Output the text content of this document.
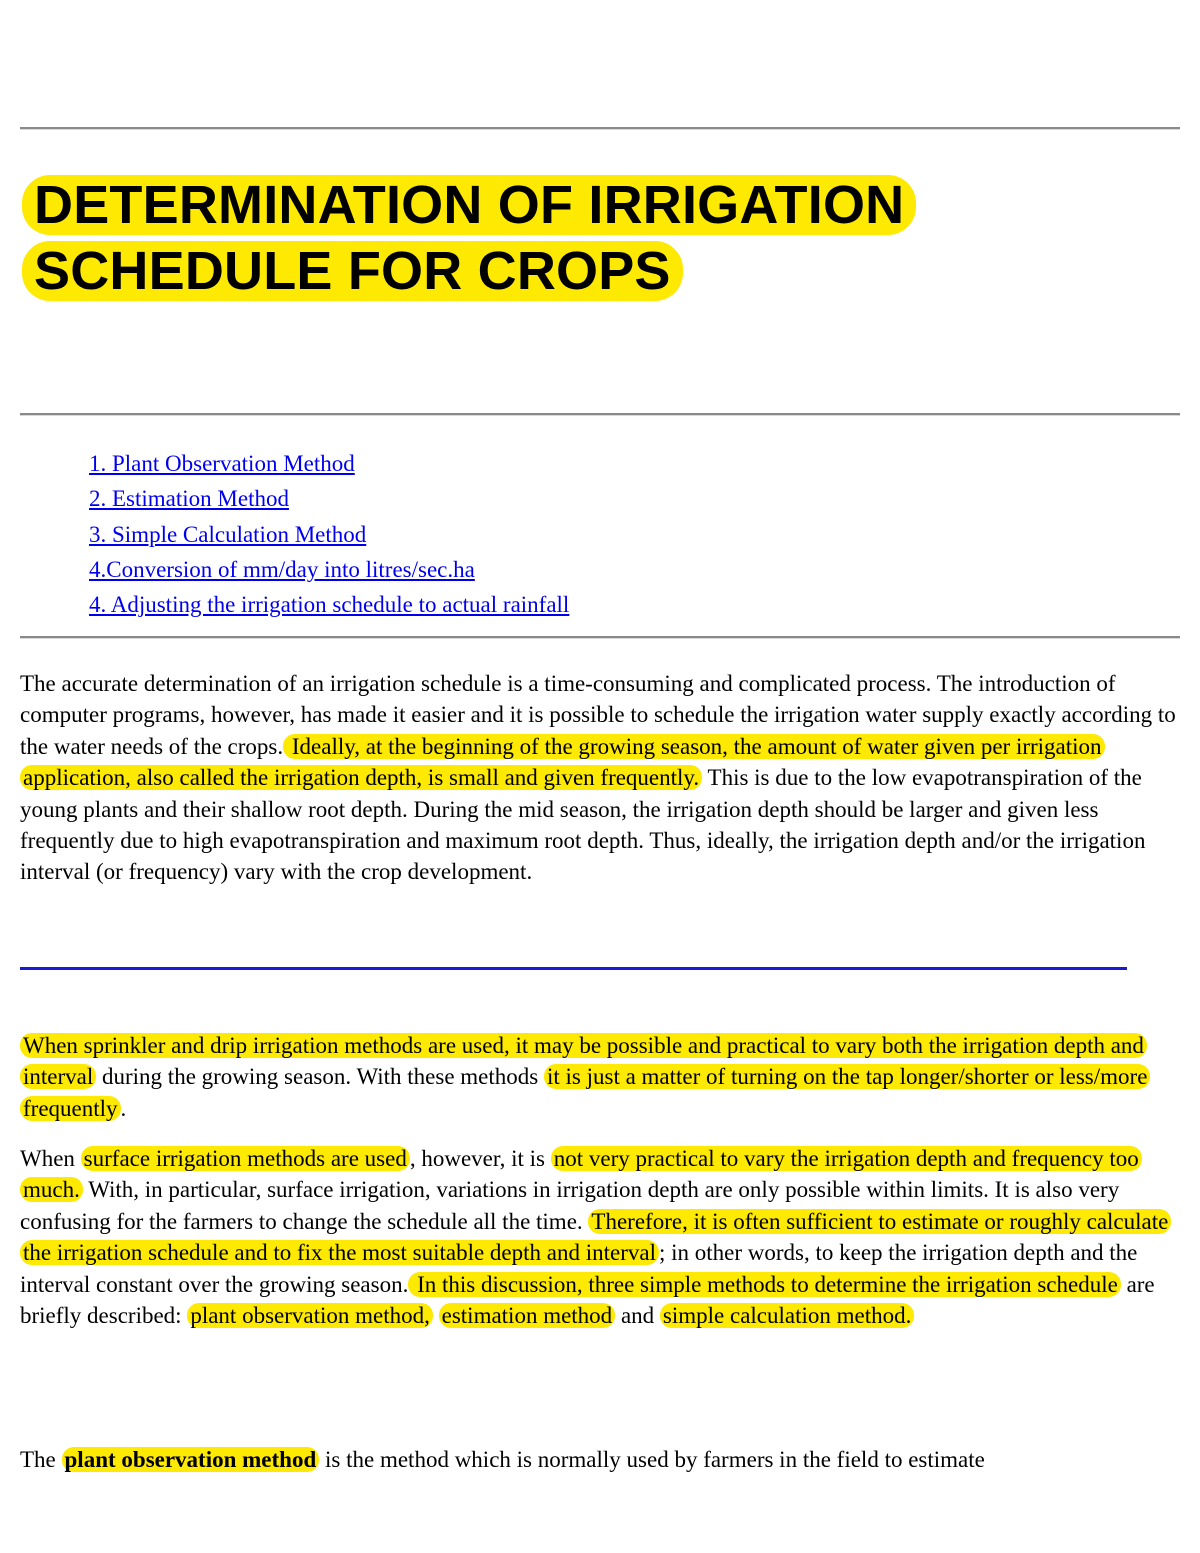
DETERMINATION OF IRRIGATION
SCHEDULE FOR CROPS
1. Plant Observation Method
2. Estimation Method
3. Simple Calculation Method
4.Conversion of mm/day into litres/sec.ha
4. Adjusting the irrigation schedule to actual rainfall

The accurate determination of an irrigation schedule is a time-consuming and complicated process. The introduction of computer programs, however, has made it easier and it is possible to schedule the irrigation water supply exactly according to the water needs of the crops. Ideally, at the beginning of the growing season, the amount of water given per irrigation application, also called the irrigation depth, is small and given frequently. This is due to the low evapotranspiration of the young plants and their shallow root depth. During the mid season, the irrigation depth should be larger and given less frequently due to high evapotranspiration and maximum root depth. Thus, ideally, the irrigation depth and/or the irrigation interval (or frequency) vary with the crop development.

When sprinkler and drip irrigation methods are used, it may be possible and practical to vary both the irrigation depth and interval during the growing season. With these methods it is just a matter of turning on the tap longer/shorter or less/more frequently .

When surface irrigation methods are used , however, it is not very practical to vary the irrigation depth and frequency too much. With, in particular, surface irrigation, variations in irrigation depth are only possible within limits. It is also very confusing for the farmers to change the schedule all the time. Therefore, it is often sufficient to estimate or roughly calculate the irrigation schedule and to fix the most suitable depth and interval ; in other words, to keep the irrigation depth and the interval constant over the growing season. In this discussion, three simple methods to determine the irrigation schedule are briefly described: plant observation method, estimation method and simple calculation method.

The plant observation method is the method which is normally used by farmers in the field to estimate
